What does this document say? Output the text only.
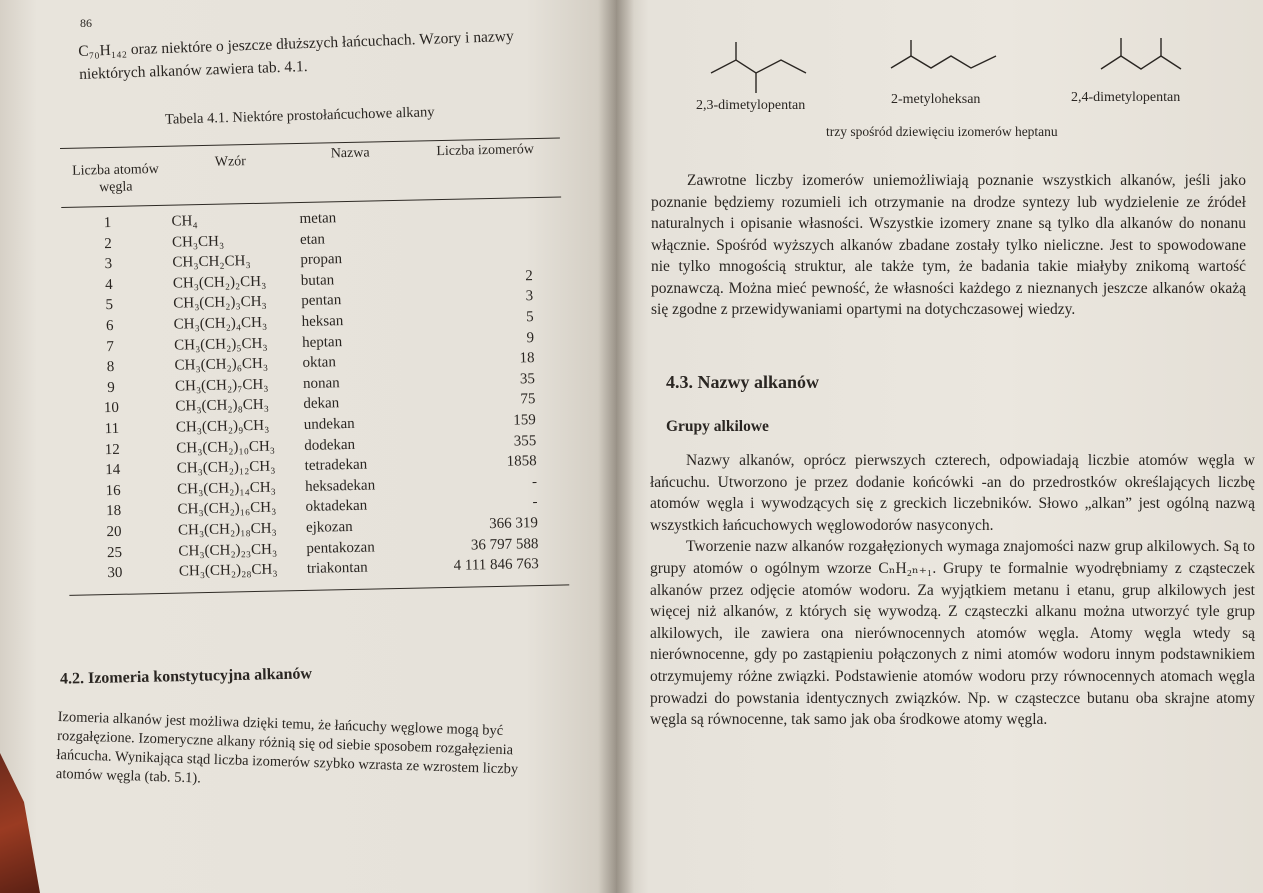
86
C₇₀H₁₄₂ oraz niektóre o jeszcze dłuższych łańcuchach. Wzory i nazwy niektórych alkanów zawiera tab. 4.1.
Tabela 4.1. Niektóre prostołańcuchowe alkany
Liczba atomów węgla
Wzór
Nazwa	Liczba izomerów
1	CH₄	metan
2	CH₃CH₃	etan
3	CH₃CH₂CH₃	propan
4	CH₃(CH₂)₂CH₃ butan	2
5	CH₃(CH₂)₃CH₃ pentan	3
6	CH₃(CH₂)₄CH₃ heksan	5
7	CH₃(CH₂)₅CH₃ heptan	9
8	CH₃(CH₂)₆CH₃ oktan	18
9	CH₃(CH₂)₇CH₃ nonan	35
10	CH₃(CH₂)₈CH₃ dekan	75
11	CH₃(CH₂)₉CH₃ undekan	159
12	CH₃(CH₂)₁₀CH₃ dodekan	355
14	CH₃(CH₂)₁₂CH₃ tetradekan	1858
16	CH₃(CH₂)₁₄CH₃ heksadekan	-
18	CH₃(CH₂)₁₆CH₃ oktadekan	-
20	CH₃(CH₂)₁₈CH₃ ejkozan	366 319
25	CH₃(CH₂)₂₃CH₃ pentakozan	36 797 588
30	CH₃(CH₂)₂₈CH₃ triakontan	4 111 846 763
4.2. Izomeria konstytucyjna alkanów
Izomeria alkanów jest możliwa dzięki temu, że łańcuchy węglowe mogą być rozgałęzione. Izomeryczne alkany różnią się od siebie sposobem rozgałęzienia łańcucha. Wynikająca stąd liczba izomerów szybko wzrasta ze wzrostem liczby atomów węgla (tab. 5.1).
2,3-dimetylopentan	2-metyloheksan	2,4-dimetylopentan
trzy spośród dziewięciu izomerów heptanu

Zawrotne liczby izomerów uniemożliwiają poznanie wszystkich alkanów, jeśli jako poznanie będziemy rozumieli ich otrzymanie na drodze syntezy lub wydzielenie ze źródeł naturalnych i opisanie własności. Wszystkie izomery znane są tylko dla alkanów do nonanu włącznie. Spośród wyższych alkanów zbadane zostały tylko nieliczne. Jest to spowodowane nie tylko mnogością struktur, ale także tym, że badania takie miałyby znikomą wartość poznawczą. Można mieć pewność, że własności każdego z nieznanych jeszcze alkanów okażą się zgodne z przewidywaniami opartymi na dotychczasowej wiedzy.

4.3. Nazwy alkanów
Grupy alkilowe

Nazwy alkanów, oprócz pierwszych czterech, odpowiadają liczbie atomów węgla w łańcuchu. Utworzono je przez dodanie końcówki -an do przedrostków określających liczbę atomów węgla i wywodzących się z greckich liczebników. Słowo „alkan” jest ogólną nazwą wszystkich łańcuchowych węglowodorów nasyconych.

Tworzenie nazw alkanów rozgałęzionych wymaga znajomości nazw grup alkilowych. Są to grupy atomów o ogólnym wzorze CₙH₂ₙ₊₁. Grupy te formalnie wyodrębniamy z cząsteczek alkanów przez odjęcie atomów wodoru. Za wyjątkiem metanu i etanu, grup alkilowych jest więcej niż alkanów, z których się wywodzą. Z cząsteczki alkanu można utworzyć tyle grup alkilowych, ile zawiera ona nierównocennych atomów węgla. Atomy węgla wtedy są nierównocenne, gdy po zastąpieniu połączonych z nimi atomów wodoru innym podstawnikiem otrzymujemy różne związki. Podstawienie atomów wodoru przy równocennych atomach węgla prowadzi do powstania identycznych związków. Np. w cząsteczce butanu oba skrajne atomy węgla są równocenne, tak samo jak oba środkowe atomy węgla.
